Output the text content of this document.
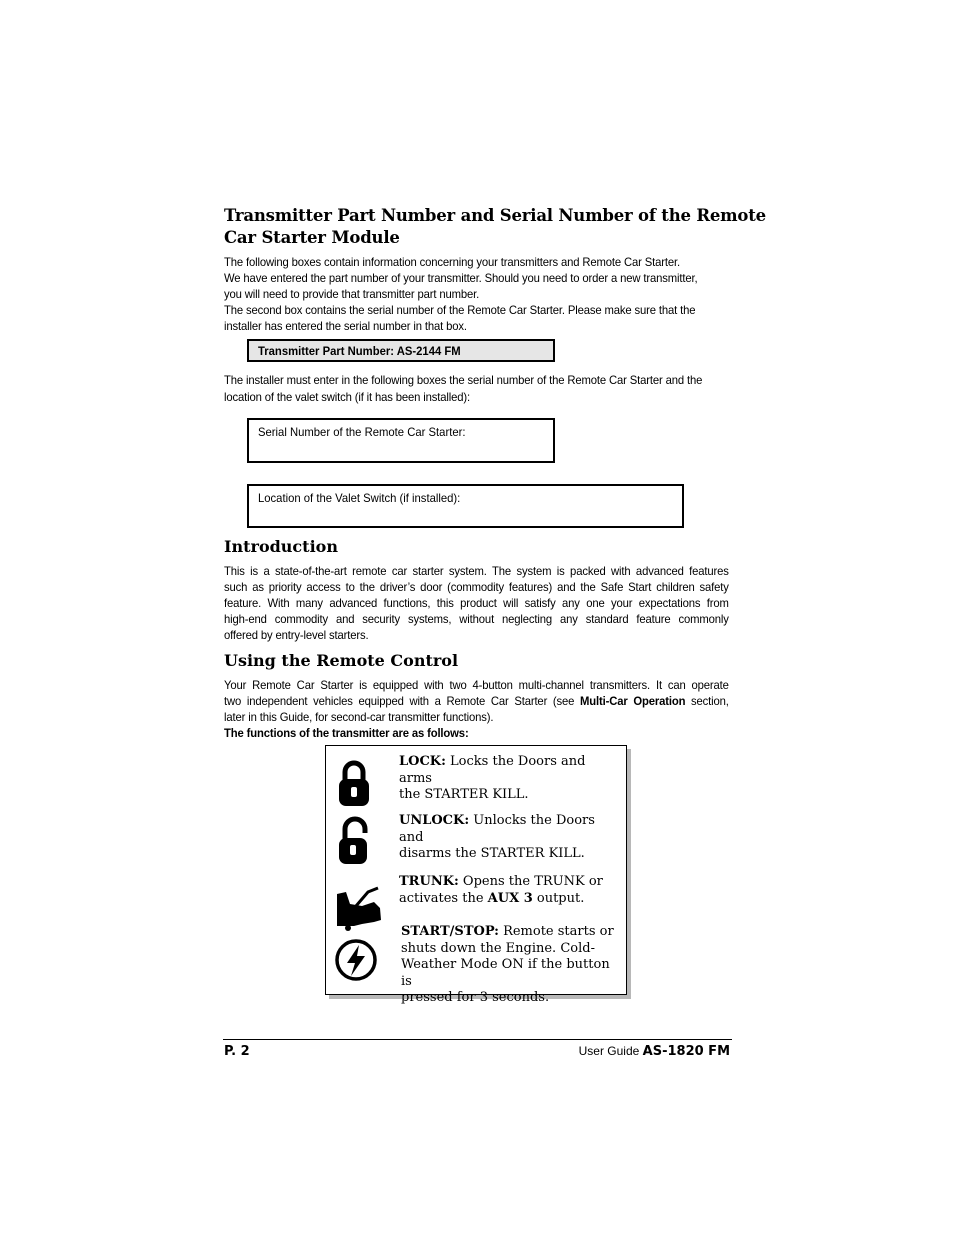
Transmitter Part Number and Serial Number of the Remote
Car Starter Module

The following boxes contain information concerning your transmitters and Remote Car Starter.

We have entered the part number of your transmitter. Should you need to order a new transmitter,

you will need to provide that transmitter part number.

The second box contains the serial number of the Remote Car Starter. Please make sure that the

installer has entered the serial number in that box.

Transmitter Part Number: AS-2144 FM

The installer must enter in the following boxes the serial number of the Remote Car Starter and the

location of the valet switch (if it has been installed):

Serial Number of the Remote Car Starter:
Location of the Valet Switch (if installed):
Introduction

This is a state-of-the-art remote car starter system. The system is packed with advanced features

such as priority access to the driver’s door (commodity features) and the Safe Start children safety

feature. With many advanced functions, this product will satisfy any one your expectations from

high-end commodity and security systems, without neglecting any standard feature commonly

offered by entry-level starters.

Using the Remote Control

Your Remote Car Starter is equipped with two 4-button multi-channel transmitters. It can operate

two independent vehicles equipped with a Remote Car Starter (see Multi-Car Operation section,

later in this Guide, for second-car transmitter functions).

The functions of the transmitter are as follows:

LOCK: Locks the Doors and arms
the STARTER KILL.
UNLOCK: Unlocks the Doors and
disarms the STARTER KILL.
TRUNK: Opens the TRUNK or
activates the AUX 3 output.
START/STOP: Remote starts or
shuts down the Engine. Cold-
Weather Mode ON if the button is
pressed for 3 seconds.
P. 2	User Guide AS-1820 FM
